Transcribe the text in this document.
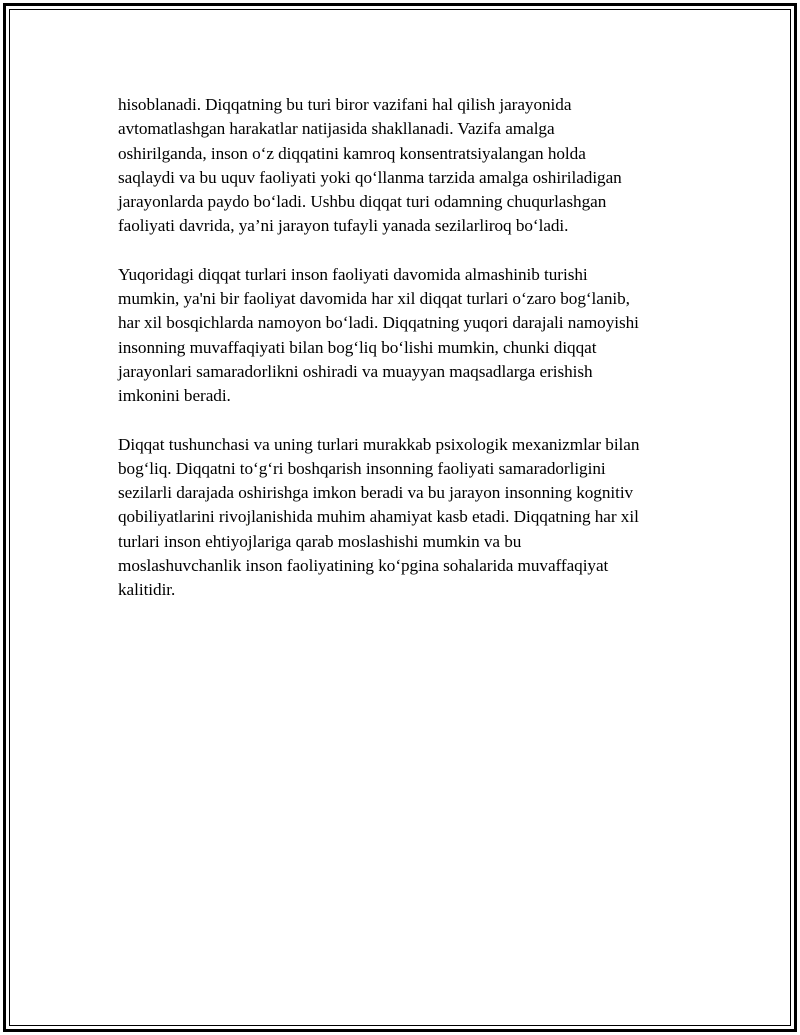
hisoblanadi. Diqqatning bu turi biror vazifani hal qilish jarayonida
avtomatlashgan harakatlar natijasida shakllanadi. Vazifa amalga
oshirilganda, inson o‘z diqqatini kamroq konsentratsiyalangan holda
saqlaydi va bu uquv faoliyati yoki qo‘llanma tarzida amalga oshiriladigan
jarayonlarda paydo bo‘ladi. Ushbu diqqat turi odamning chuqurlashgan
faoliyati davrida, ya’ni jarayon tufayli yanada sezilarliroq bo‘ladi.

Yuqoridagi diqqat turlari inson faoliyati davomida almashinib turishi
mumkin, ya'ni bir faoliyat davomida har xil diqqat turlari o‘zaro bog‘lanib,
har xil bosqichlarda namoyon bo‘ladi. Diqqatning yuqori darajali namoyishi
insonning muvaffaqiyati bilan bog‘liq bo‘lishi mumkin, chunki diqqat
jarayonlari samaradorlikni oshiradi va muayyan maqsadlarga erishish
imkonini beradi.

Diqqat tushunchasi va uning turlari murakkab psixologik mexanizmlar bilan
bog‘liq. Diqqatni to‘g‘ri boshqarish insonning faoliyati samaradorligini
sezilarli darajada oshirishga imkon beradi va bu jarayon insonning kognitiv
qobiliyatlarini rivojlanishida muhim ahamiyat kasb etadi. Diqqatning har xil
turlari inson ehtiyojlariga qarab moslashishi mumkin va bu
moslashuvchanlik inson faoliyatining ko‘pgina sohalarida muvaffaqiyat
kalitidir.
